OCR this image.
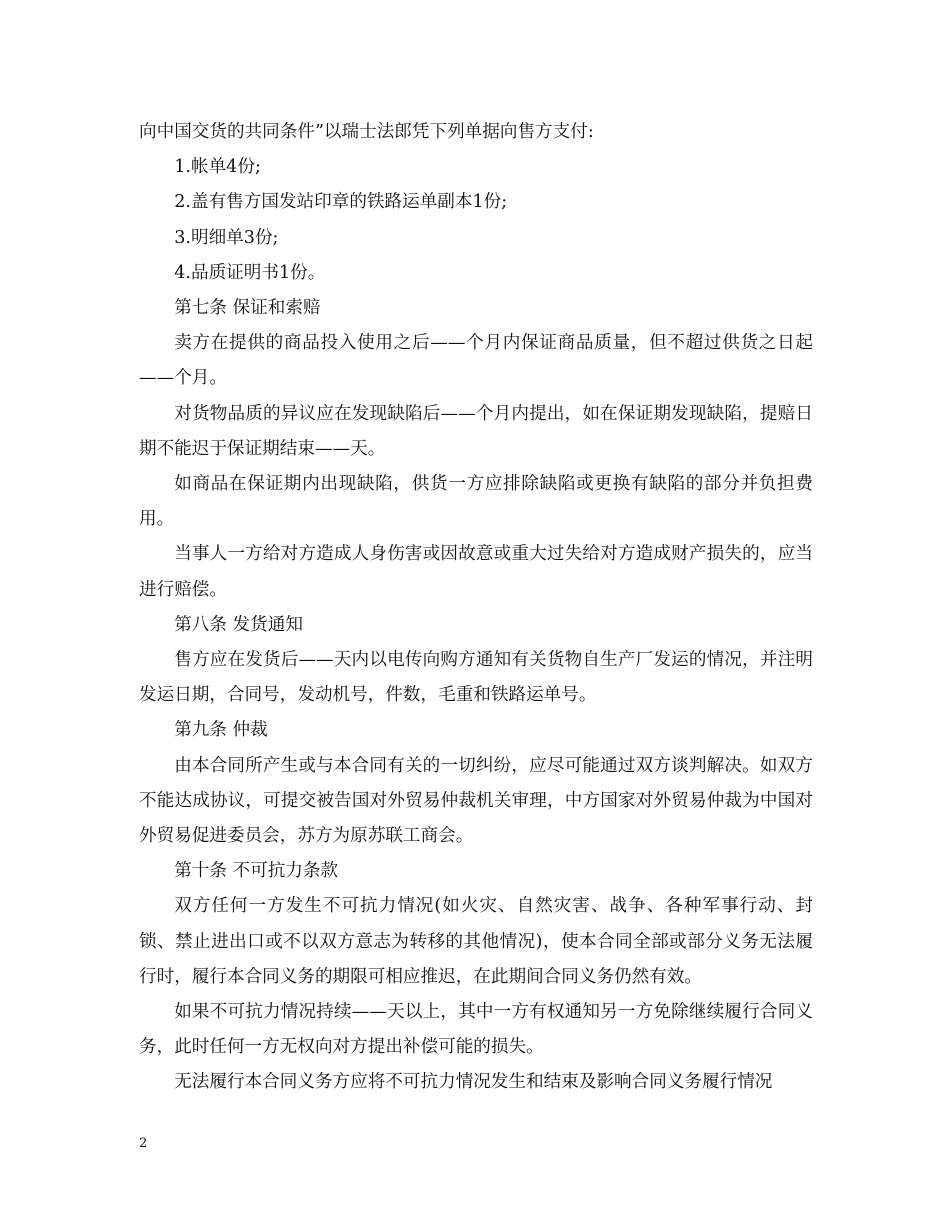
向中国交货的共同条件”以瑞士法郎凭下列单据向售方支付:

1.帐单4份;

2.盖有售方国发站印章的铁路运单副本1份;

3.明细单3份;

4.品质证明书1份。

第七条 保证和索赔

卖方在提供的商品投入使用之后——个月内保证商品质量，但不超过供货之日起——个月。

对货物品质的异议应在发现缺陷后——个月内提出，如在保证期发现缺陷，提赔日期不能迟于保证期结束——天。

如商品在保证期内出现缺陷，供货一方应排除缺陷或更换有缺陷的部分并负担费用。

当事人一方给对方造成人身伤害或因故意或重大过失给对方造成财产损失的，应当进行赔偿。

第八条 发货通知

售方应在发货后——天内以电传向购方通知有关货物自生产厂发运的情况，并注明发运日期，合同号，发动机号，件数，毛重和铁路运单号。

第九条 仲裁

由本合同所产生或与本合同有关的一切纠纷，应尽可能通过双方谈判解决。如双方不能达成协议，可提交被告国对外贸易仲裁机关审理，中方国家对外贸易仲裁为中国对外贸易促进委员会，苏方为原苏联工商会。

第十条 不可抗力条款

双方任何一方发生不可抗力情况(如火灾、自然灾害、战争、各种军事行动、封锁、禁止进出口或不以双方意志为转移的其他情况)，使本合同全部或部分义务无法履行时，履行本合同义务的期限可相应推迟，在此期间合同义务仍然有效。

如果不可抗力情况持续——天以上，其中一方有权通知另一方免除继续履行合同义务，此时任何一方无权向对方提出补偿可能的损失。

无法履行本合同义务方应将不可抗力情况发生和结束及影响合同义务履行情况

2
